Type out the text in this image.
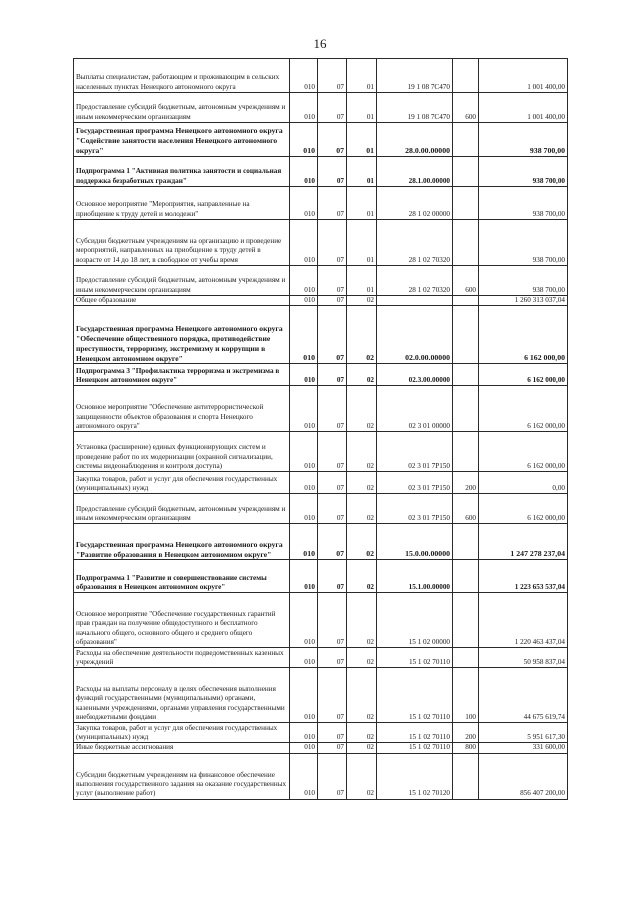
16
Выплаты специалистам, работающим и проживающим в сельских населенных пунктах Ненецкого автономного округа	010	07	01	19 1 08 7С470		1 001 400,00
Предоставление субсидий бюджетным, автономным учреждениям и иным некоммерческим организациям	010	07	01	19 1 08 7С470	600	1 001 400,00
Государственная программа Ненецкого автономного округа "Содействие занятости населения Ненецкого автономного округа"	010	07	01	28.0.00.00000		938 700,00
Подпрограмма 1 "Активная политика занятости и социальная поддержка безработных граждан"	010	07	01	28.1.00.00000		938 700,00
Основное мероприятие "Мероприятия, направленные на приобщение к труду детей и молодежи"	010	07	01	28 1 02 00000		938 700,00
Субсидии бюджетным учреждениям на организацию и проведение мероприятий, направленных на приобщение к труду детей в возрасте от 14 до 18 лет, в свободное от учебы время	010	07	01	28 1 02 70320		938 700,00
Предоставление субсидий бюджетным, автономным учреждениям и иным некоммерческим организациям	010	07	01	28 1 02 70320	600	938 700,00
Общее образование	010	07	02			1 260 313 037,04
Государственная программа Ненецкого автономного округа "Обеспечение общественного порядка, противодействие преступности, терроризму, экстремизму и коррупции в Ненецком автономном округе"	010	07	02	02.0.00.00000		6 162 000,00
Подпрограмма 3 "Профилактика терроризма и экстремизма в Ненецком автономном округе"	010	07	02	02.3.00.00000		6 162 000,00
Основное мероприятие "Обеспечение антитеррористической защищенности объектов образования и спорта Ненецкого автономного округа"	010	07	02	02 3 01 00000		6 162 000,00
Установка (расширение) единых функционирующих систем и проведение работ по их модернизации (охранной сигнализации, системы видеонаблюдения и контроля доступа)	010	07	02	02 3 01 7Р150		6 162 000,00
Закупка товаров, работ и услуг для обеспечения государственных (муниципальных) нужд	010	07	02	02 3 01 7Р150	200	0,00
Предоставление субсидий бюджетным, автономным учреждениям и иным некоммерческим организациям	010	07	02	02 3 01 7Р150	600	6 162 000,00
Государственная программа Ненецкого автономного округа "Развитие образования в Ненецком автономном округе"	010	07	02	15.0.00.00000		1 247 278 237,04
Подпрограмма 1 "Развитие и совершенствование системы образования в Ненецком автономном округе"	010	07	02	15.1.00.00000		1 223 653 537,04
Основное мероприятие "Обеспечение государственных гарантий прав граждан на получение общедоступного и бесплатного начального общего, основного общего и среднего общего образования"	010	07	02	15 1 02 00000		1 220 463 437,04
Расходы на обеспечение деятельности подведомственных казенных учреждений	010	07	02	15 1 02 70110		50 958 837,04
Расходы на выплаты персоналу в целях обеспечения выполнения функций государственными (муниципальными) органами, казенными учреждениями, органами управления государственными внебюджетными фондами	010	07	02	15 1 02 70110	100	44 675 619,74
Закупка товаров, работ и услуг для обеспечения государственных (муниципальных) нужд	010	07	02	15 1 02 70110	200	5 951 617,30
Иные бюджетные ассигнования	010	07	02	15 1 02 70110	800	331 600,00
Субсидии бюджетным учреждениям на финансовое обеспечение выполнения государственного задания на оказание государственных услуг (выполнение работ)	010	07	02	15 1 02 70120		856 407 200,00
